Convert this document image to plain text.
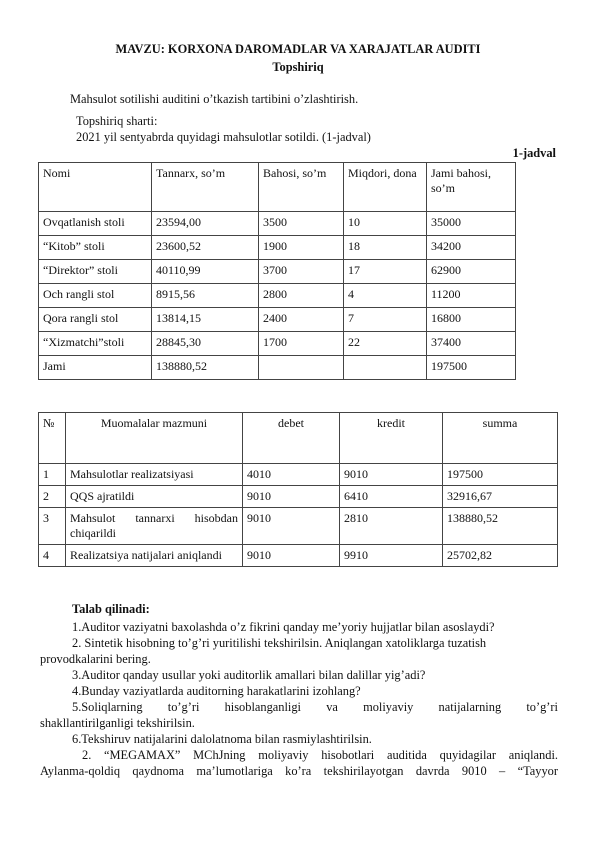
MAVZU: KORXONA DAROMADLAR VA XARAJATLAR AUDITI
Topshiriq
Mahsulot sotilishi auditini o’tkazish tartibini o’zlashtirish.
Topshiriq sharti:
2021 yil sentyabrda quyidagi mahsulotlar sotildi. (1-jadval)
1-jadval
Nomi	Tannarx, so’m	Bahosi, so’m	Miqdori, dona	Jami bahosi, so’m
Ovqatlanish stoli	23594,00	3500	10	35000
“Kitob” stoli	23600,52	1900	18	34200
“Direktor” stoli	40110,99	3700	17	62900
Och rangli stol	8915,56	2800	4	11200
Qora rangli stol	13814,15	2400	7	16800
“Xizmatchi”stoli	28845,30	1700	22	37400
Jami	138880,52			197500
№	Muomalalar mazmuni	debet	kredit	summa
1	Mahsulotlar realizatsiyasi	4010	9010	197500
2	QQS ajratildi	9010	6410	32916,67
3	Mahsulot tannarxi hisobdan chiqarildi	9010	2810	138880,52
4	Realizatsiya natijalari aniqlandi	9010	9910	25702,82
Talab qilinadi:
1.Auditor vaziyatni baxolashda o’z fikrini qanday me’yoriy hujjatlar bilan asoslaydi?
2. Sintetik hisobning to’g’ri yuritilishi tekshirilsin. Aniqlangan xatoliklarga tuzatish
provodkalarini bering.
3.Auditor qanday usullar yoki auditorlik amallari bilan dalillar yig’adi?
4.Bunday vaziyatlarda auditorning harakatlarini izohlang?
5.Soliqlarning to’g’ri hisoblanganligi va moliyaviy natijalarning to’g’ri
shakllantirilganligi tekshirilsin.
6.Tekshiruv natijalarini dalolatnoma bilan rasmiylashtirilsin.
2. “MEGAMAX” MChJning moliyaviy hisobotlari auditida quyidagilar aniqlandi.
Aylanma-qoldiq qaydnoma ma’lumotlariga ko’ra tekshirilayotgan davrda 9010 – “Tayyor
